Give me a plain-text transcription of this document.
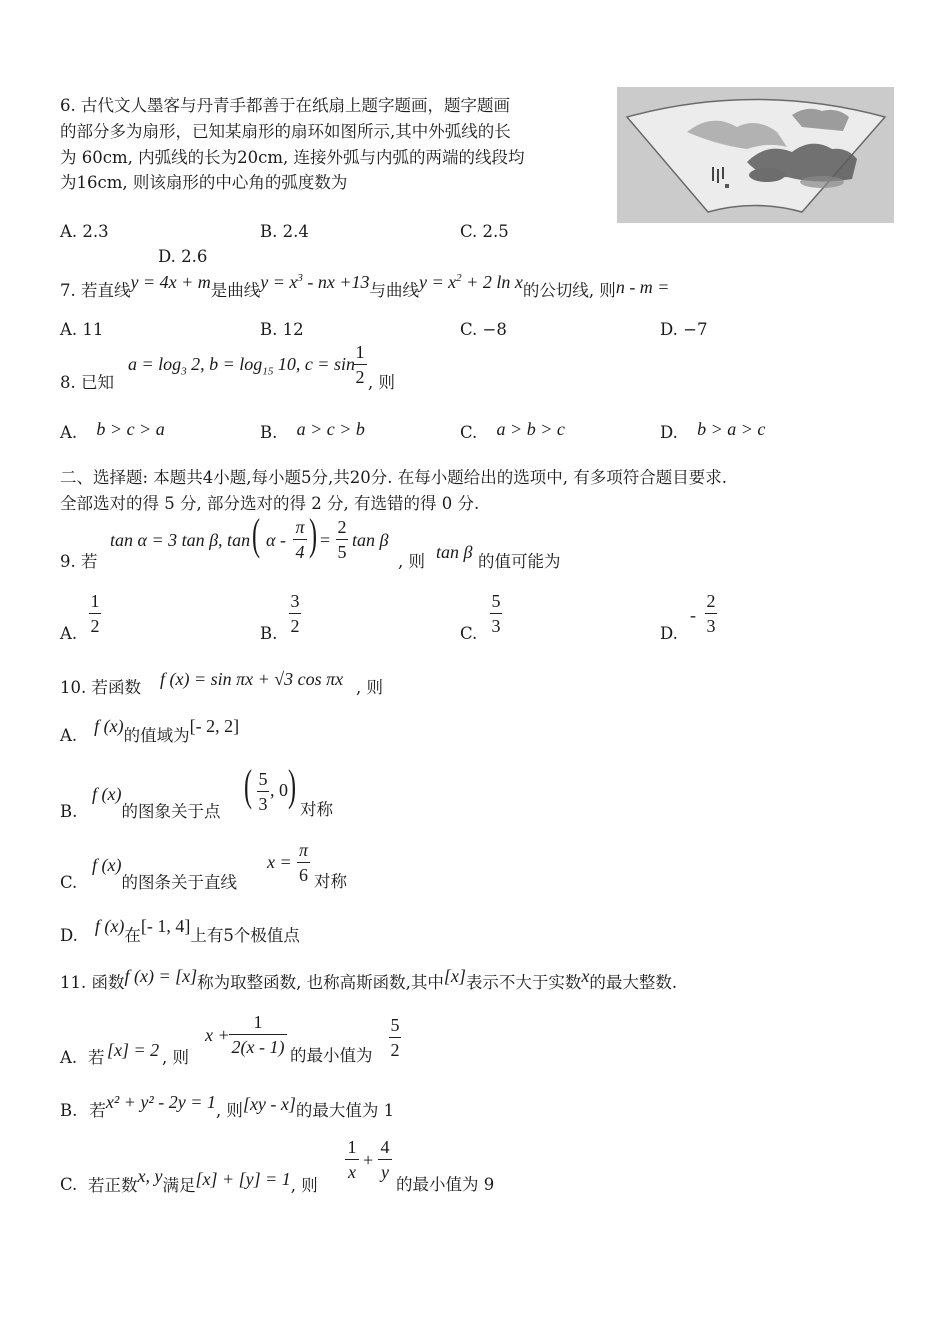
6. 古代文人墨客与丹青手都善于在纸扇上题字题画，题字题画
的部分多为扇形，已知某扇形的扇环如图所示,其中外弧线的长
为 60cm, 内弧线的长为20cm, 连接外弧与内弧的两端的线段均
为16cm, 则该扇形的中心角的弧度数为
A. 2.3	B. 2.4	C. 2.5
D. 2.6
7. 若直线y = 4x + m是曲线$y = x^3$ - nx +13与曲线$y = x^2 + 2$ ln x的公切线, 则n - m =
A. 11	B. 12	C. −8	D. −7
8. 已知
$a = \log_3 2$, $b = \log_{15} 10$, c = sin
1
2 , 则
A. b > c > a	B. a > c > b	C. a > b > c	D. b > a > c
二、选择题: 本题共4小题,每小题5分,共20分. 在每小题给出的选项中, 有多项符合题目要求.
全部选对的得 5 分, 部分选对的得 2 分, 有选错的得 0 分.
9. 若
tan α = 3 tan β, tan ( α -
π
4 ) =
2
5
tan β
, 则 tan β 的值可能为
A.
1
2	B.
3
2	C.
5
3	D.
-
2
3
10. 若函数 f (x) = sin πx + √3 cos πx , 则
A. f (x)的值域为[- 2, 2]
B.
f (x)的图象关于点
( 5
3
, 0 ) 对称
C.
f (x)的图条关于直线
x =
π
6 对称
D. f (x)在[- 1, 4]上有5个极值点
11. 函数f (x) = [x]称为取整函数, 也称高斯函数,其中[x]表示不大于实数x的最大整数.
A. 若 [x] = 2 , 则
x +
1
2(x - 1) 的最小值为
5
2
B. 若x² + y² - 2y = 1, 则[xy - x]的最大值为 1
C. 若正数x, y满足[x] + [y] = 1, 则
1
x
+
4
y
的最小值为 9
